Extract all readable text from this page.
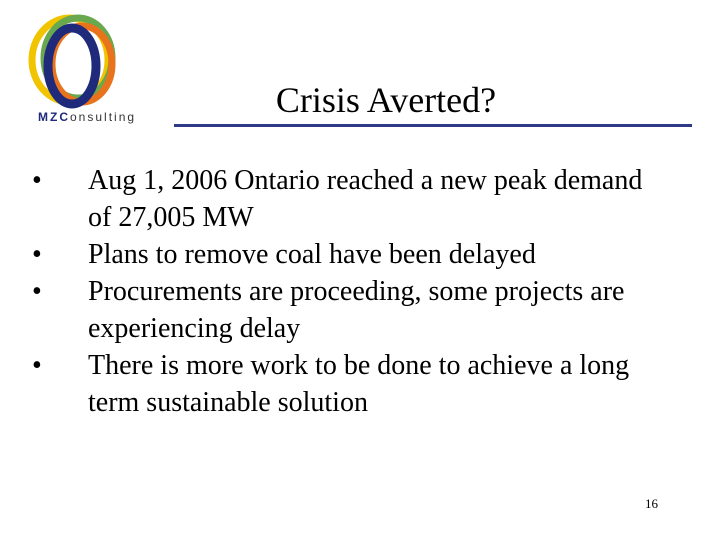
MZConsulting	Crisis Averted?
•	Aug 1, 2006 Ontario reached a new peak demand of 27,005 MW
•	Plans to remove coal have been delayed
•	Procurements are proceeding, some projects are experiencing delay
•	There is more work to be done to achieve a long term sustainable solution
16
